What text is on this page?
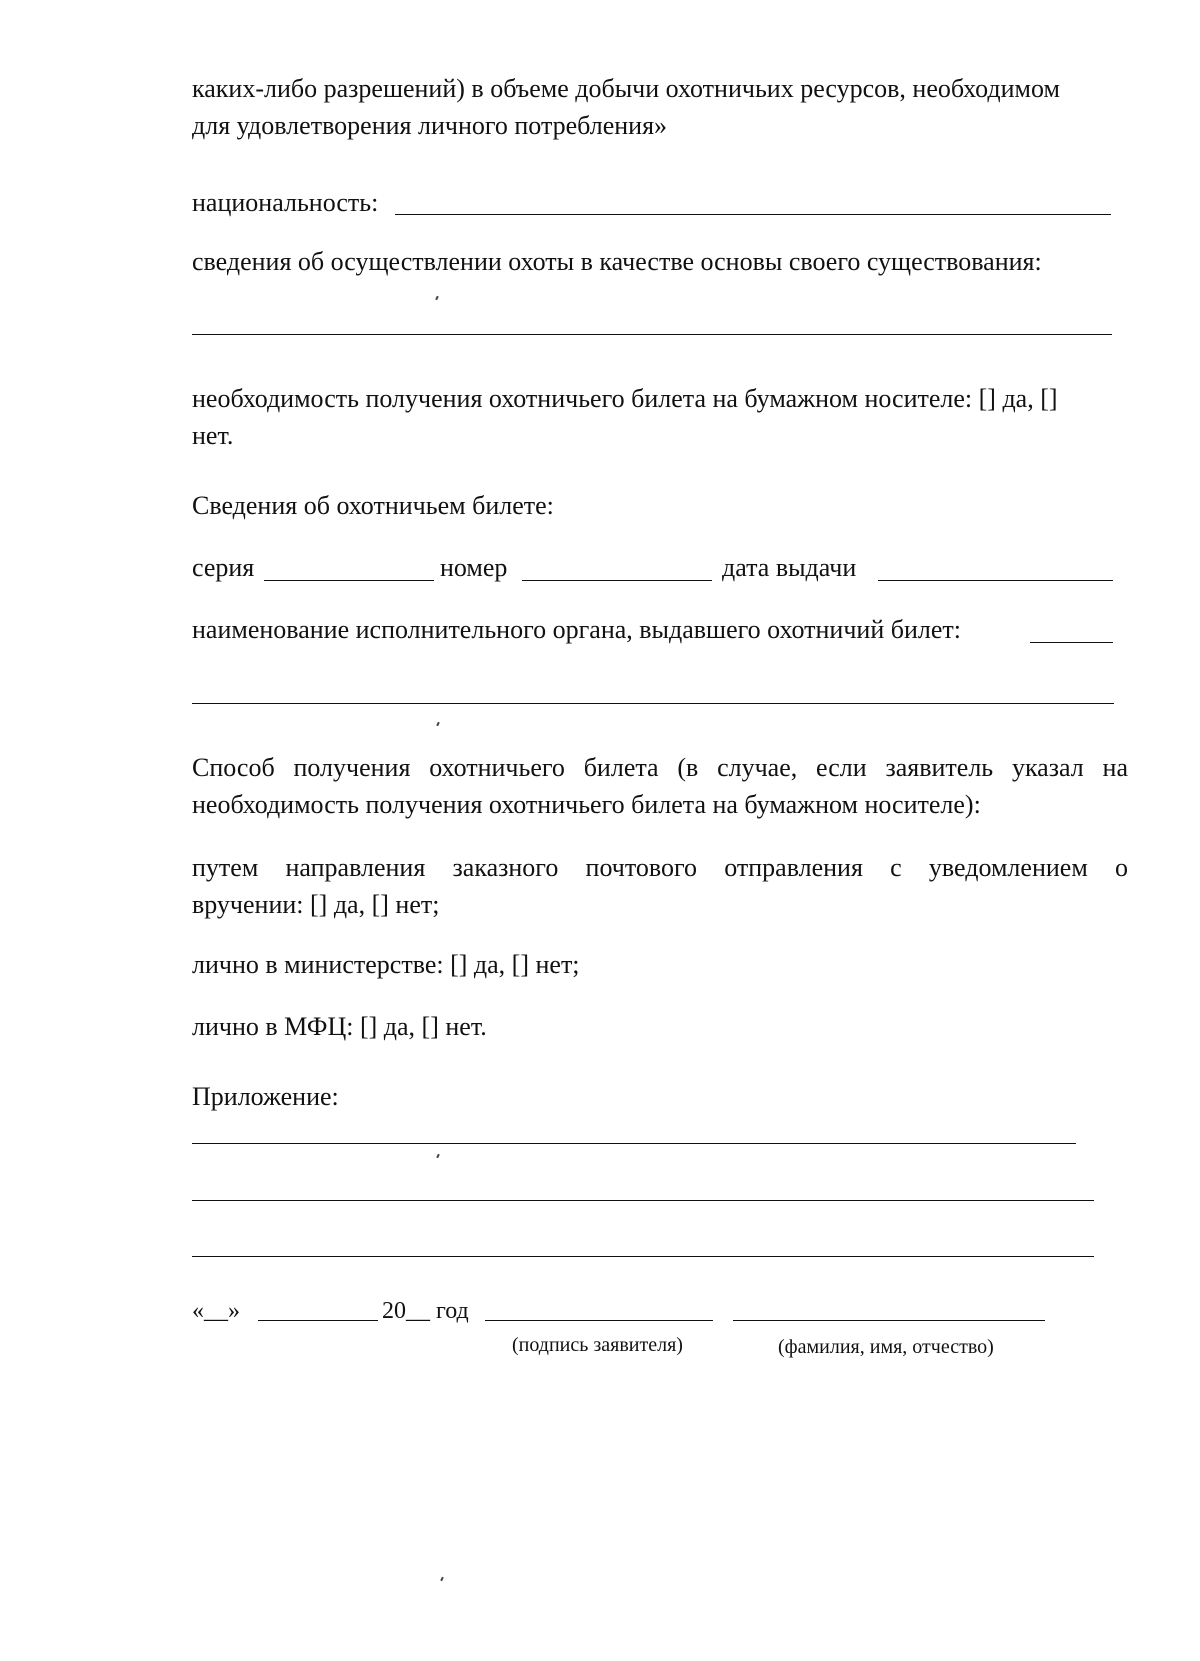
каких-либо разрешений) в объеме добычи охотничьих ресурсов, необходимом
для удовлетворения личного потребления»
национальность:
сведения об осуществлении охоты в качестве основы своего существования:
необходимость получения охотничьего билета на бумажном носителе: [] да, []
нет.
Сведения об охотничьем билете:
серия	номер	дата выдачи
наименование исполнительного органа, выдавшего охотничий билет:
Способ получения охотничьего билета (в случае, если заявитель указал на
необходимость получения охотничьего билета на бумажном носителе):
путем направления заказного почтового отправления с уведомлением о
вручении: [] да, [] нет;
лично в министерстве: [] да, [] нет;
лично в МФЦ: [] да, [] нет.
Приложение:
«__»	20__ год
(подпись заявителя)	(фамилия, имя, отчество)
